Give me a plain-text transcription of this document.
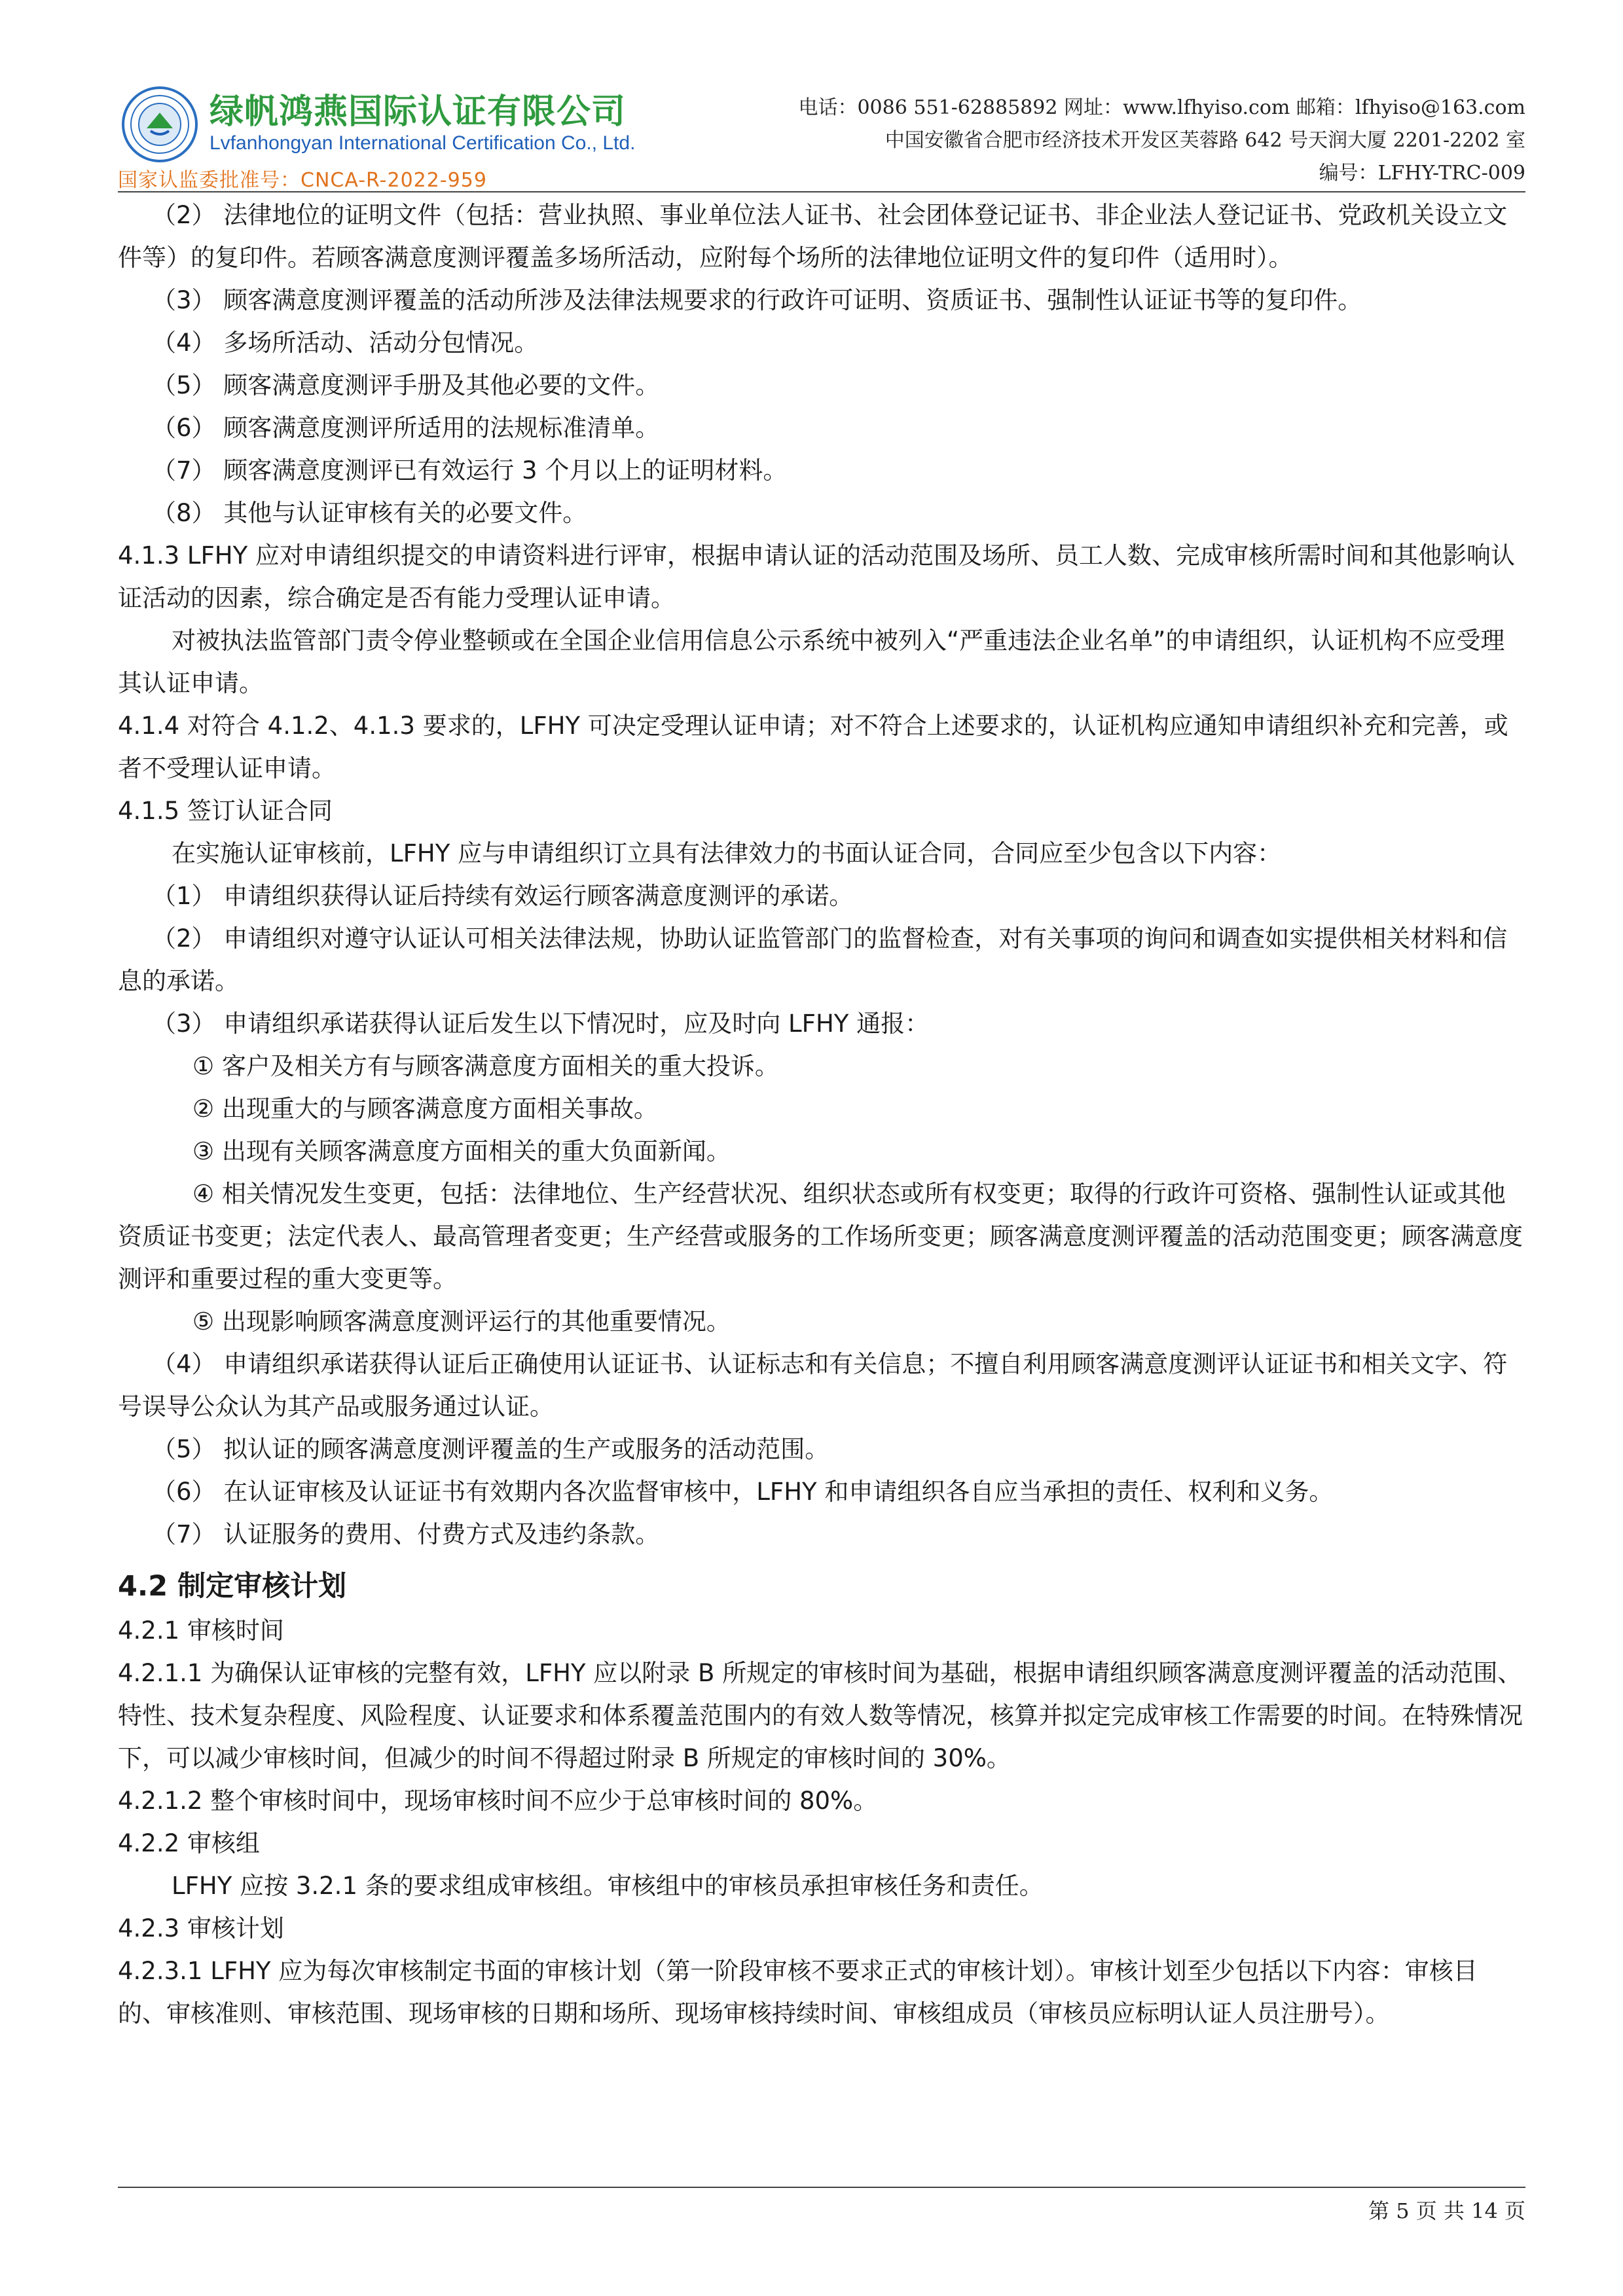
绿帆鸿燕国际认证有限公司
Lvfanhongyan International Certification Co., Ltd.
国家认监委批准号：CNCA-R-2022-959
电话：0086 551-62885892 网址：www.lfhyiso.com 邮箱：lfhyiso@163.com
中国安徽省合肥市经济技术开发区芙蓉路 642 号天润大厦 2201-2202 室
编号：LFHY-TRC-009

（2） 法律地位的证明文件（包括：营业执照、事业单位法人证书、社会团体登记证书、非企业法人登记证书、党政机关设立文件等）的复印件。若顾客满意度测评覆盖多场所活动，应附每个场所的法律地位证明文件的复印件（适用时）。

（3） 顾客满意度测评覆盖的活动所涉及法律法规要求的行政许可证明、资质证书、强制性认证证书等的复印件。

（4） 多场所活动、活动分包情况。

（5） 顾客满意度测评手册及其他必要的文件。

（6） 顾客满意度测评所适用的法规标准清单。

（7） 顾客满意度测评已有效运行 3 个月以上的证明材料。

（8） 其他与认证审核有关的必要文件。

4.1.3 LFHY 应对申请组织提交的申请资料进行评审，根据申请认证的活动范围及场所、员工人数、完成审核所需时间和其他影响认证活动的因素，综合确定是否有能力受理认证申请。

对被执法监管部门责令停业整顿或在全国企业信用信息公示系统中被列入“严重违法企业名单”的申请组织，认证机构不应受理其认证申请。

4.1.4 对符合 4.1.2、4.1.3 要求的，LFHY 可决定受理认证申请；对不符合上述要求的，认证机构应通知申请组织补充和完善，或者不受理认证申请。

4.1.5 签订认证合同

在实施认证审核前，LFHY 应与申请组织订立具有法律效力的书面认证合同，合同应至少包含以下内容：

（1） 申请组织获得认证后持续有效运行顾客满意度测评的承诺。

（2） 申请组织对遵守认证认可相关法律法规，协助认证监管部门的监督检查，对有关事项的询问和调查如实提供相关材料和信息的承诺。

（3） 申请组织承诺获得认证后发生以下情况时，应及时向 LFHY 通报：

① 客户及相关方有与顾客满意度方面相关的重大投诉。

② 出现重大的与顾客满意度方面相关事故。

③ 出现有关顾客满意度方面相关的重大负面新闻。

④ 相关情况发生变更，包括：法律地位、生产经营状况、组织状态或所有权变更；取得的行政许可资格、强制性认证或其他资质证书变更；法定代表人、最高管理者变更；生产经营或服务的工作场所变更；顾客满意度测评覆盖的活动范围变更；顾客满意度测评和重要过程的重大变更等。

⑤ 出现影响顾客满意度测评运行的其他重要情况。

（4） 申请组织承诺获得认证后正确使用认证证书、认证标志和有关信息；不擅自利用顾客满意度测评认证证书和相关文字、符号误导公众认为其产品或服务通过认证。

（5） 拟认证的顾客满意度测评覆盖的生产或服务的活动范围。

（6） 在认证审核及认证证书有效期内各次监督审核中，LFHY 和申请组织各自应当承担的责任、权利和义务。

（7） 认证服务的费用、付费方式及违约条款。

4.2 制定审核计划

4.2.1 审核时间

4.2.1.1 为确保认证审核的完整有效，LFHY 应以附录 B 所规定的审核时间为基础，根据申请组织顾客满意度测评覆盖的活动范围、特性、技术复杂程度、风险程度、认证要求和体系覆盖范围内的有效人数等情况，核算并拟定完成审核工作需要的时间。在特殊情况下，可以减少审核时间，但减少的时间不得超过附录 B 所规定的审核时间的 30%。

4.2.1.2 整个审核时间中，现场审核时间不应少于总审核时间的 80%。

4.2.2 审核组

LFHY 应按 3.2.1 条的要求组成审核组。审核组中的审核员承担审核任务和责任。

4.2.3 审核计划

4.2.3.1 LFHY 应为每次审核制定书面的审核计划（第一阶段审核不要求正式的审核计划）。审核计划至少包括以下内容：审核目的、审核准则、审核范围、现场审核的日期和场所、现场审核持续时间、审核组成员（审核员应标明认证人员注册号）。

第 5 页 共 14 页
